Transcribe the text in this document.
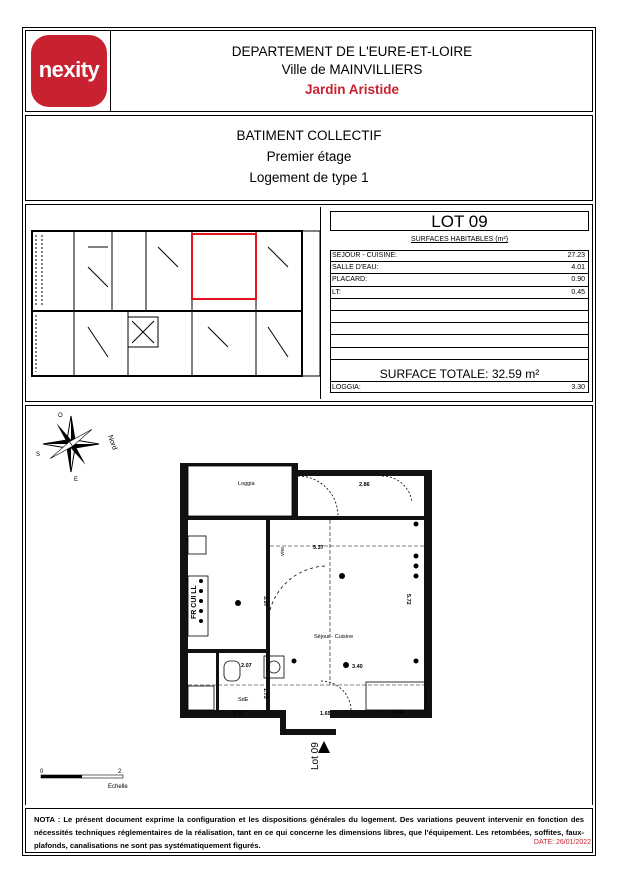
nexity
DEPARTEMENT DE L'EURE-ET-LOIRE
Ville de MAINVILLIERS
Jardin Aristide
BATIMENT COLLECTIF
Premier étage
Logement de type 1
LOT 09
SURFACES HABITABLES (m²)
SEJOUR - CUISINE:	27.23
SALLE D'EAU:	4.01
PLACARD:	0.90
LT:	0.45
SURFACE TOTALE: 32.59 m²
LOGGIA:	3.30
Nord
S
E
O
Loggia
Séjour - Cuisine
SdE
2.86
5.37
3.97	5.72
2.07	3.40
1.75
2.57	1.65	1.36
FR CUI LL
VRE
PI
0	2
Echelle
Lot 09
NOTA : Le présent document exprime la configuration et les dispositions générales du logement. Des variations peuvent intervenir en fonction des nécessités techniques réglementaires de la réalisation, tant en ce qui concerne les dimensions libres, que l'équipement. Les retombées, soffites, faux-plafonds, canalisations ne sont pas systématiquement figurés.	DATE: 26/01/2022
